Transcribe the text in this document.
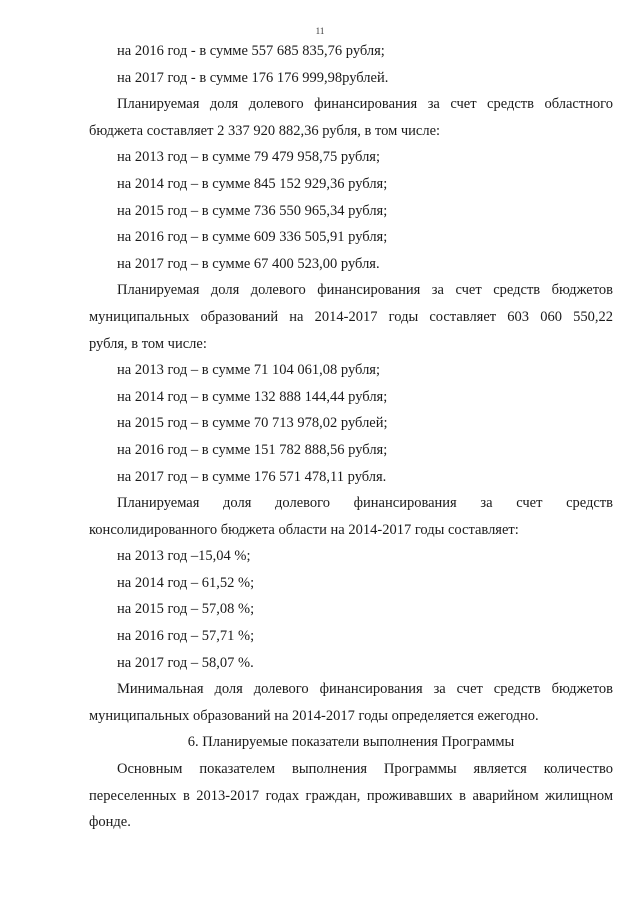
11
на 2016 год - в сумме 557 685 835,76 рубля;
на 2017 год - в сумме 176 176 999,98рублей.
Планируемая доля долевого финансирования за счет средств областного
бюджета составляет 2 337 920 882,36 рубля, в том числе:
на 2013 год – в сумме 79 479 958,75 рубля;
на 2014 год – в сумме 845 152 929,36 рубля;
на 2015 год – в сумме 736 550 965,34 рубля;
на 2016 год – в сумме 609 336 505,91 рубля;
на 2017 год – в сумме 67 400 523,00 рубля.
Планируемая доля долевого финансирования за счет средств бюджетов
муниципальных образований на 2014-2017 годы составляет 603 060 550,22
рубля, в том числе:
на 2013 год – в сумме 71 104 061,08 рубля;
на 2014 год – в сумме 132 888 144,44 рубля;
на 2015 год – в сумме 70 713 978,02 рублей;
на 2016 год – в сумме 151 782 888,56 рубля;
на 2017 год – в сумме 176 571 478,11 рубля.
Планируемая доля долевого финансирования за счет средств
консолидированного бюджета области на 2014-2017 годы составляет:
на 2013 год –15,04 %;
на 2014 год – 61,52 %;
на 2015 год – 57,08 %;
на 2016 год – 57,71 %;
на 2017 год – 58,07 %.
Минимальная доля долевого финансирования за счет средств бюджетов
муниципальных образований на 2014-2017 годы определяется ежегодно.
6. Планируемые показатели выполнения Программы
Основным показателем выполнения Программы является количество
переселенных в 2013-2017 годах граждан, проживавших в аварийном жилищном
фонде.
